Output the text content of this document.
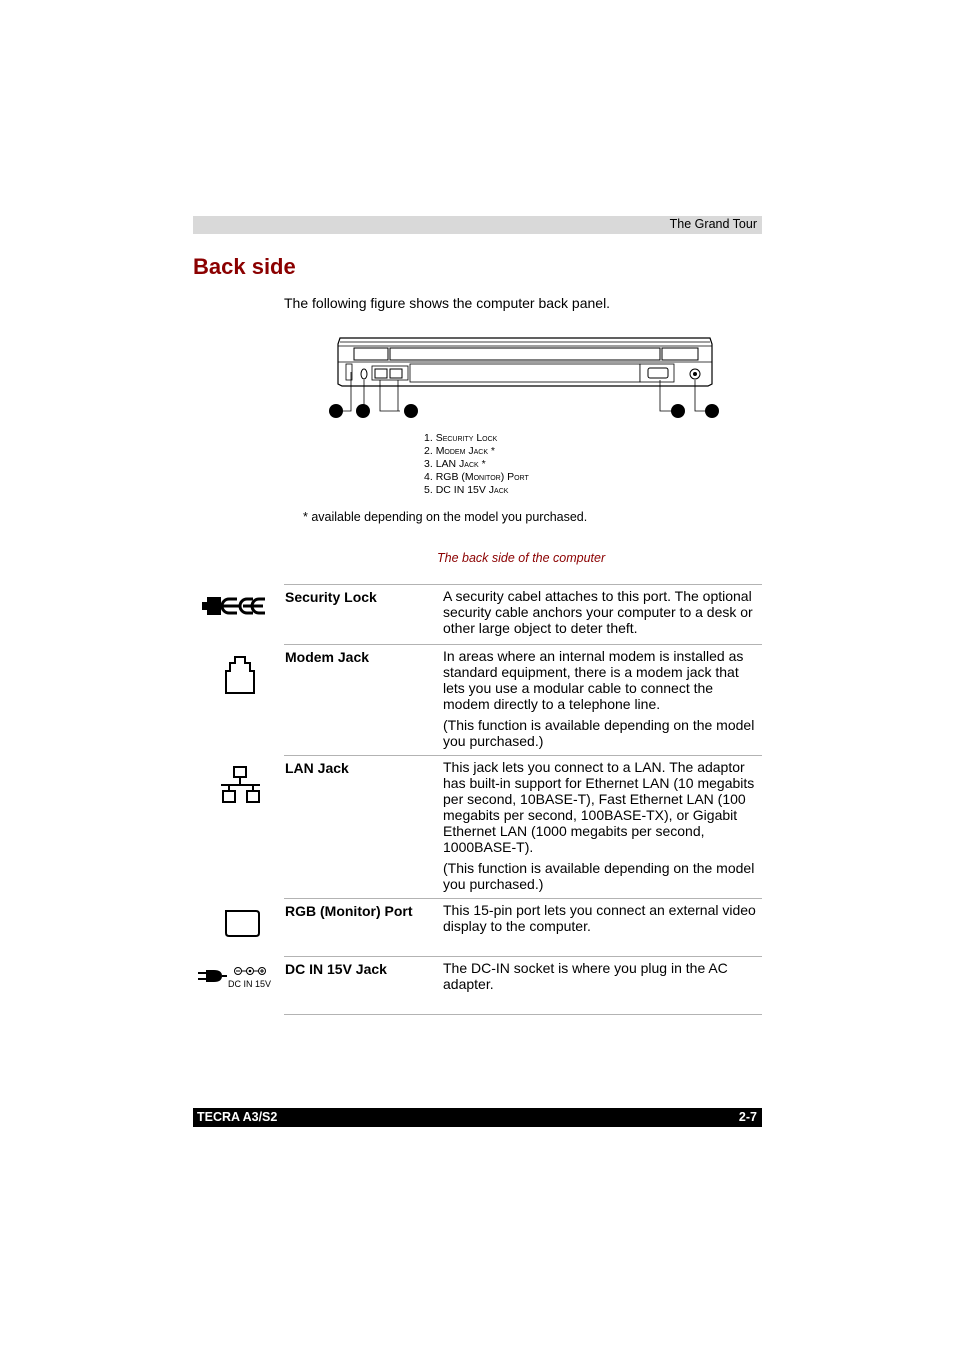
The Grand Tour
Back side
The following figure shows the computer back panel.
1. Security Lock
2. Modem Jack *
3. LAN Jack *
4. RGB (Monitor) Port
5. DC IN 15V Jack
* available depending on the model you purchased.
The back side of the computer
Security Lock	A security cabel attaches to this port. The optional security cable anchors your computer to a desk or other large object to deter theft.

Modem Jack	In areas where an internal modem is installed as standard equipment, there is a modem jack that lets you use a modular cable to connect the modem directly to a telephone line.

(This function is available depending on the model you purchased.)

LAN Jack	This jack lets you connect to a LAN. The adaptor has built-in support for Ethernet LAN (10 megabits per second, 10BASE-T), Fast Ethernet LAN (100 megabits per second, 100BASE-TX), or Gigabit Ethernet LAN (1000 megabits per second, 1000BASE-T).

(This function is available depending on the model you purchased.)

RGB (Monitor) Port	This 15-pin port lets you connect an external video display to the computer.

DC IN 15V
DC IN 15V Jack	The DC-IN socket is where you plug in the AC adapter.

TECRA A3/S2	2-7
